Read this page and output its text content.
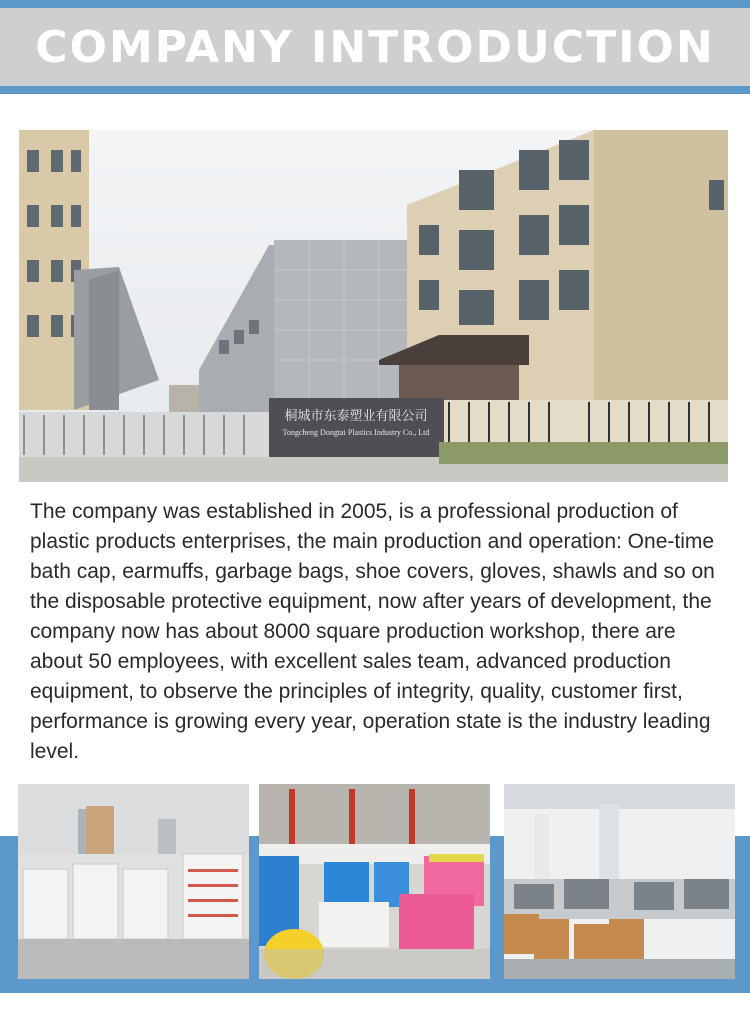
COMPANY INTRODUCTION
桐城市东泰塑业有限公司
Tongcheng Dongtai Plastics Industry Co., Ltd

The company was established in 2005, is a professional production of plastic products enterprises, the main production and operation: One-time bath cap, earmuffs, garbage bags, shoe covers, gloves, shawls and so on the disposable protective equipment, now after years of development, the company now has about 8000 square production workshop, there are about 50 employees, with excellent sales team, advanced production equipment, to observe the principles of integrity, quality, customer first, performance is growing every year, operation state is the industry leading level.
